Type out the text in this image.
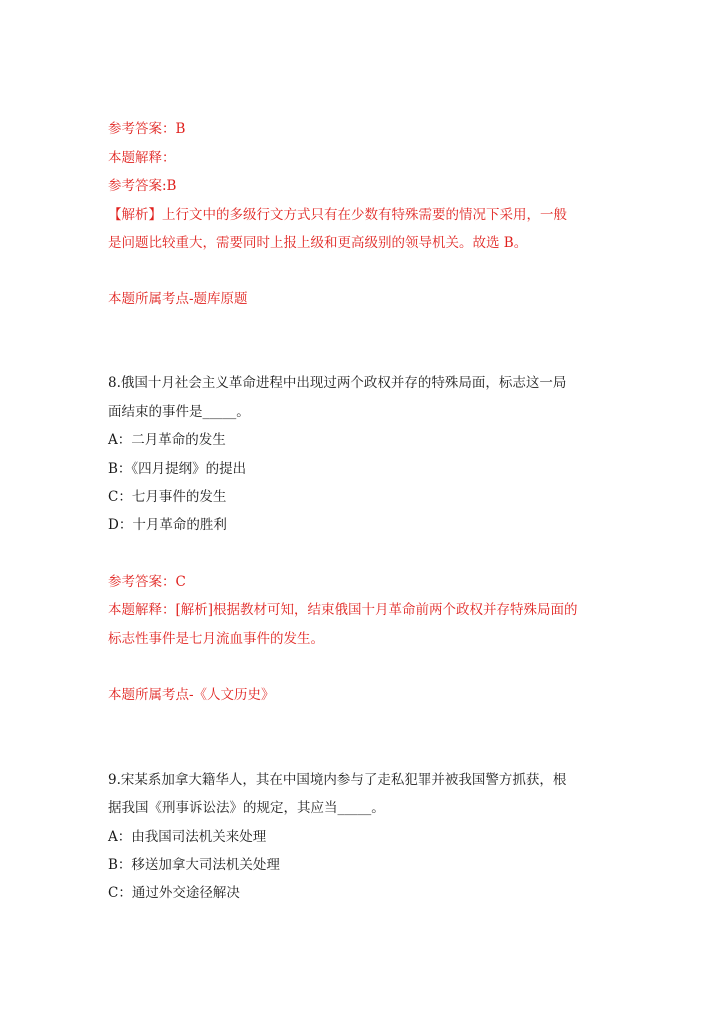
参考答案：B
本题解释：
参考答案:B
【解析】上行文中的多级行文方式只有在少数有特殊需要的情况下采用，一般
是问题比较重大，需要同时上报上级和更高级别的领导机关。故选 B。
本题所属考点-题库原题
8.俄国十月社会主义革命进程中出现过两个政权并存的特殊局面，标志这一局
面结束的事件是_____。
A：二月革命的发生
B：《四月提纲》的提出
C：七月事件的发生
D：十月革命的胜利
参考答案：C
本题解释：[解析]根据教材可知，结束俄国十月革命前两个政权并存特殊局面的
标志性事件是七月流血事件的发生。
本题所属考点-《人文历史》
9.宋某系加拿大籍华人，其在中国境内参与了走私犯罪并被我国警方抓获，根
据我国《刑事诉讼法》的规定，其应当_____。
A：由我国司法机关来处理
B：移送加拿大司法机关处理
C：通过外交途径解决
